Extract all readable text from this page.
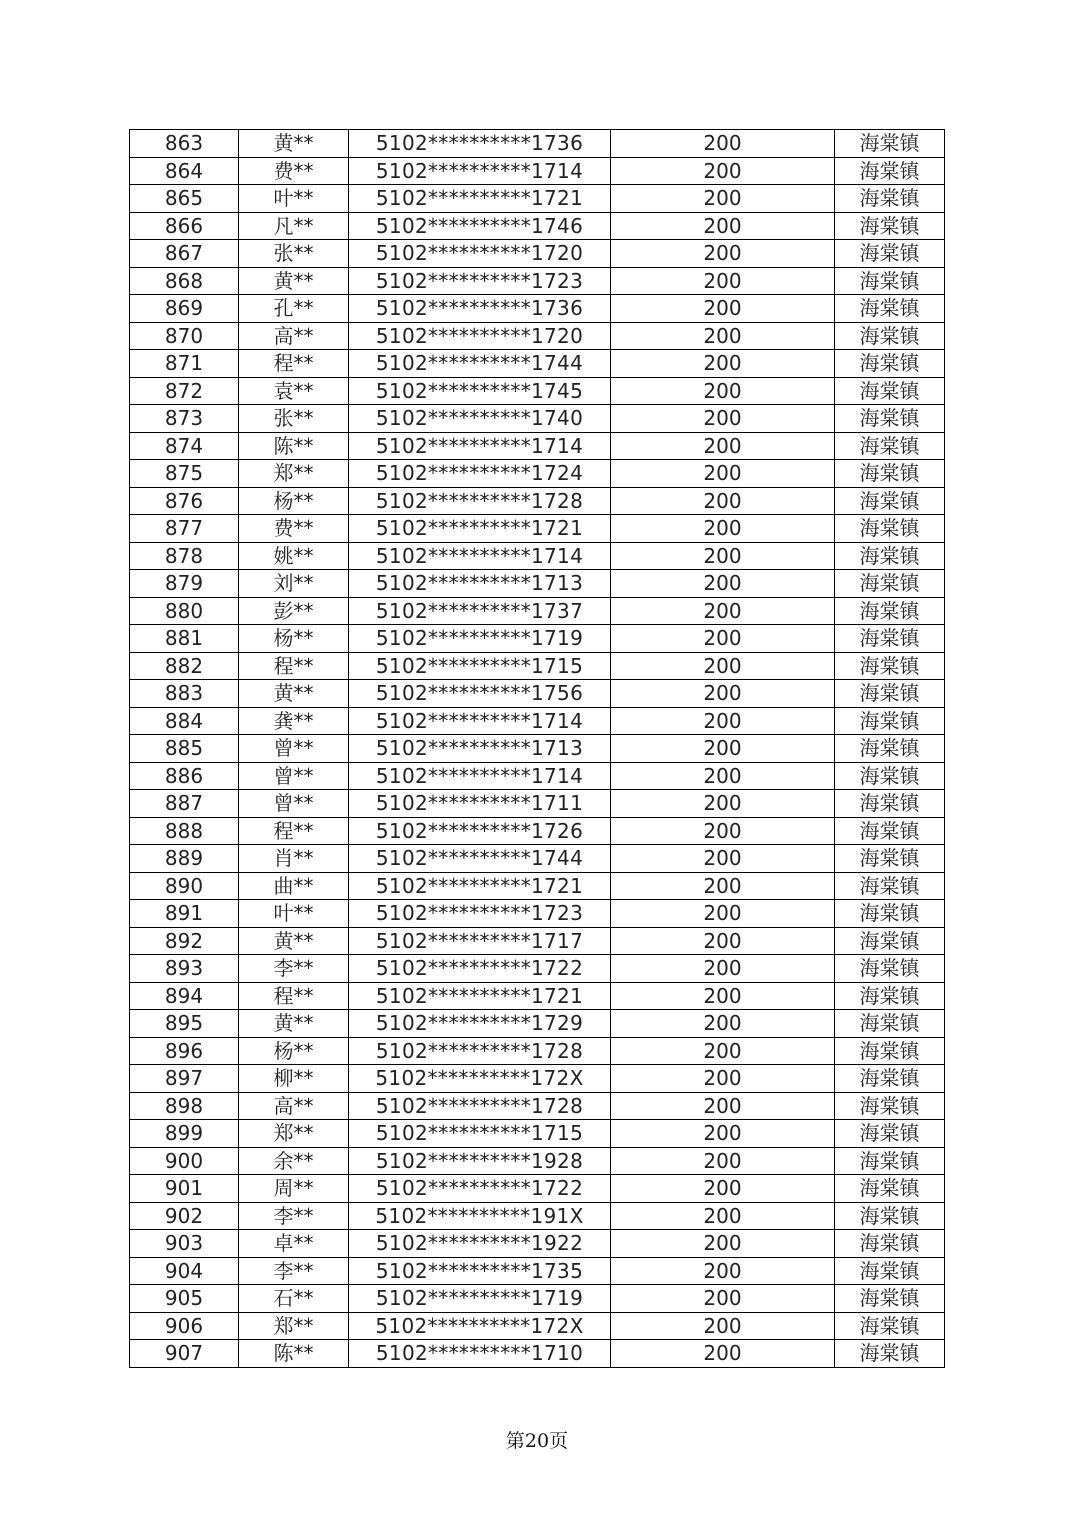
863	黄**	5102**********1736	200	海棠镇
864	费**	5102**********1714	200	海棠镇
865	叶**	5102**********1721	200	海棠镇
866	凡**	5102**********1746	200	海棠镇
867	张**	5102**********1720	200	海棠镇
868	黄**	5102**********1723	200	海棠镇
869	孔**	5102**********1736	200	海棠镇
870	高**	5102**********1720	200	海棠镇
871	程**	5102**********1744	200	海棠镇
872	袁**	5102**********1745	200	海棠镇
873	张**	5102**********1740	200	海棠镇
874	陈**	5102**********1714	200	海棠镇
875	郑**	5102**********1724	200	海棠镇
876	杨**	5102**********1728	200	海棠镇
877	费**	5102**********1721	200	海棠镇
878	姚**	5102**********1714	200	海棠镇
879	刘**	5102**********1713	200	海棠镇
880	彭**	5102**********1737	200	海棠镇
881	杨**	5102**********1719	200	海棠镇
882	程**	5102**********1715	200	海棠镇
883	黄**	5102**********1756	200	海棠镇
884	龚**	5102**********1714	200	海棠镇
885	曾**	5102**********1713	200	海棠镇
886	曾**	5102**********1714	200	海棠镇
887	曾**	5102**********1711	200	海棠镇
888	程**	5102**********1726	200	海棠镇
889	肖**	5102**********1744	200	海棠镇
890	曲**	5102**********1721	200	海棠镇
891	叶**	5102**********1723	200	海棠镇
892	黄**	5102**********1717	200	海棠镇
893	李**	5102**********1722	200	海棠镇
894	程**	5102**********1721	200	海棠镇
895	黄**	5102**********1729	200	海棠镇
896	杨**	5102**********1728	200	海棠镇
897	柳**	5102**********172X	200	海棠镇
898	高**	5102**********1728	200	海棠镇
899	郑**	5102**********1715	200	海棠镇
900	余**	5102**********1928	200	海棠镇
901	周**	5102**********1722	200	海棠镇
902	李**	5102**********191X	200	海棠镇
903	卓**	5102**********1922	200	海棠镇
904	李**	5102**********1735	200	海棠镇
905	石**	5102**********1719	200	海棠镇
906	郑**	5102**********172X	200	海棠镇
907	陈**	5102**********1710	200	海棠镇
第20页
